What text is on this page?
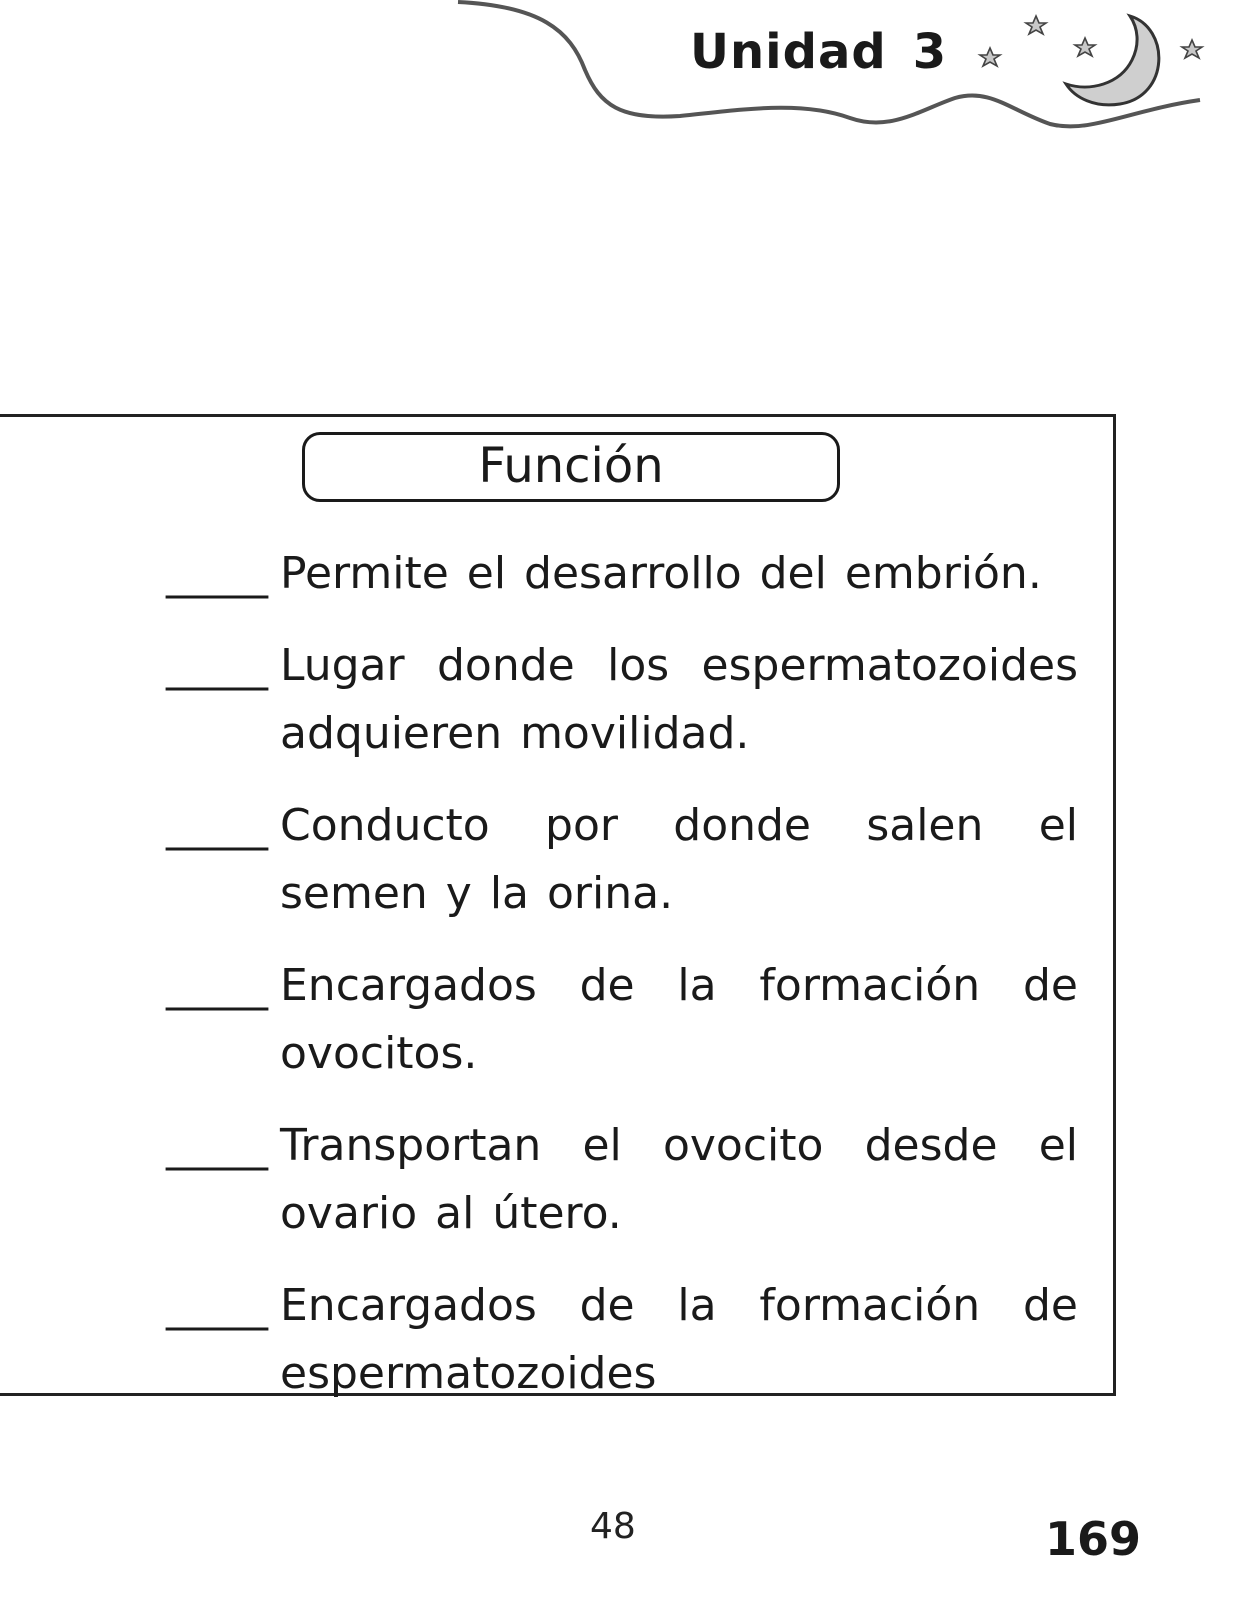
Unidad 3
Función
_____ Permite el desarrollo del embrión.
_____ Lugar donde los espermatozoides adquieren movilidad.
_____ Conducto por donde salen el semen y la orina.
_____ Encargados de la formación de ovocitos.
_____ Transportan el ovocito desde el ovario al útero.
_____ Encargados de la formación de espermatozoides
48	169
